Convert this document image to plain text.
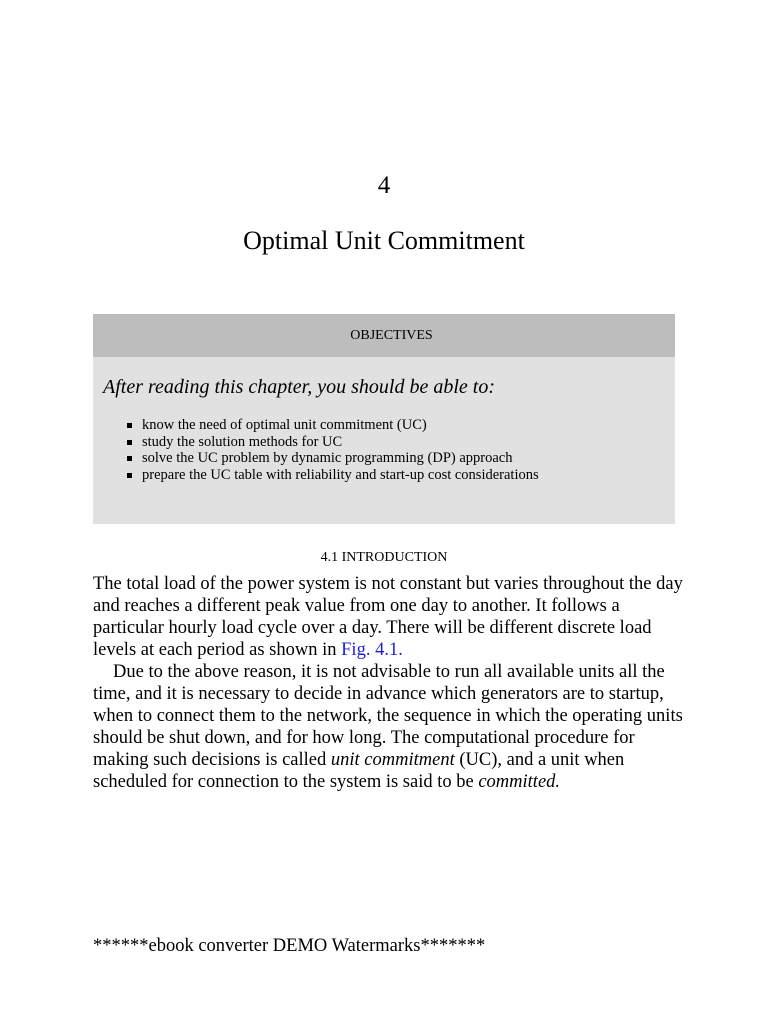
4
Optimal Unit Commitment
OBJECTIVES
After reading this chapter, you should be able to:
know the need of optimal unit commitment (UC)
study the solution methods for UC
solve the UC problem by dynamic programming (DP) approach
prepare the UC table with reliability and start-up cost considerations
4.1 INTRODUCTION

The total load of the power system is not constant but varies throughout the day and reaches a different peak value from one day to another. It follows a particular hourly load cycle over a day. There will be different discrete load levels at each period as shown in Fig. 4.1.

Due to the above reason, it is not advisable to run all available units all the time, and it is necessary to decide in advance which generators are to startup, when to connect them to the network, the sequence in which the operating units should be shut down, and for how long. The computational procedure for making such decisions is called unit commitment (UC), and a unit when scheduled for connection to the system is said to be committed.

******ebook converter DEMO Watermarks*******
